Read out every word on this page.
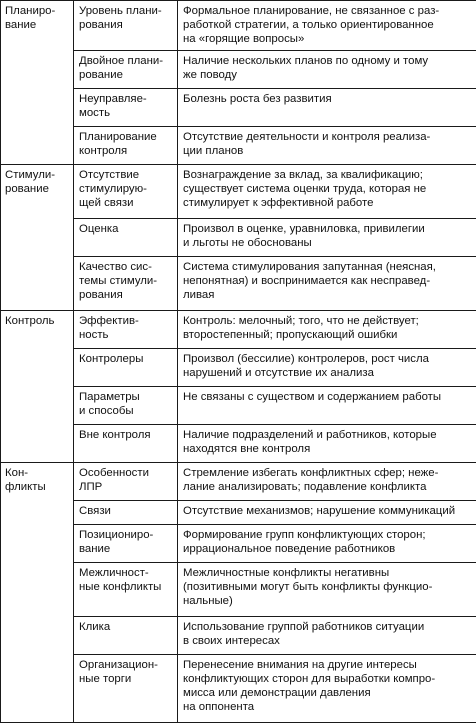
Планиро-
вание	Уровень плани-
рования	Формальное планирование, не связанное с раз-
работкой стратегии, а только ориентированное
на «горящие вопросы»

	Двойное плани-
рование	Наличие нескольких планов по одному и тому
же поводу

	Неуправляе-
мость	Болезнь роста без развития

	Планирование
контроля	Отсутствие деятельности и контроля реализа-
ции планов

Стимули-
рование	Отсутствие
стимулирую-
щей связи	Вознаграждение за вклад, за квалификацию;
существует система оценки труда, которая не
стимулирует к эффективной работе

	Оценка	Произвол в оценке, уравниловка, привилегии
и льготы не обоснованы

	Качество сис-
темы стимули-
рования	Система стимулирования запутанная (неясная,
непонятная) и воспринимается как несправед-
ливая

Контроль	Эффектив-
ность	Контроль: мелочный; того, что не действует;
второстепенный; пропускающий ошибки

	Контролеры	Произвол (бессилие) контролеров, рост числа
нарушений и отсутствие их анализа

	Параметры
и способы	Не связаны с существом и содержанием работы

	Вне контроля	Наличие подразделений и работников, которые
находятся вне контроля

Кон-
фликты	Особенности
ЛПР	Стремление избегать конфликтных сфер; неже-
лание анализировать; подавление конфликта

	Связи	Отсутствие механизмов; нарушение коммуникаций

	Позициониро-
вание	Формирование групп конфликтующих сторон;
иррациональное поведение работников

	Межличност-
ные конфликты	Межличностные конфликты негативны
(позитивными могут быть конфликты функцио-
нальные)

	Клика	Использование группой работников ситуации
в своих интересах

	Организацион-
ные торги	Перенесение внимания на другие интересы
конфликтующих сторон для выработки компро-
мисса или демонстрации давления
на оппонента
